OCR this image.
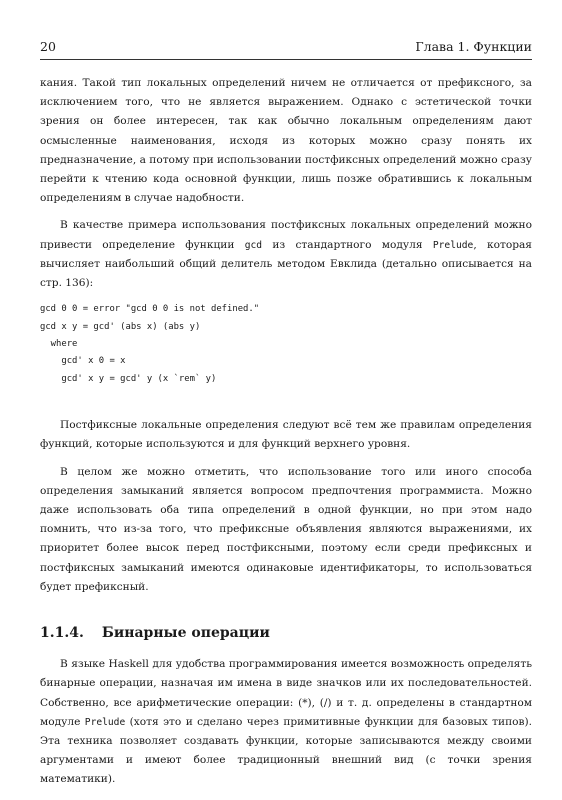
20	Глава 1. Функции

кания. Такой тип локальных определений ничем не отличается от префиксного, за исключением того, что не является выражением. Однако с эстетической точки зрения он более интересен, так как обычно локальным определениям дают осмысленные наименования, исходя из которых можно сразу понять их предназначение, а потому при использовании постфиксных определений можно сразу перейти к чтению кода основной функции, лишь позже обратившись к локальным определениям в случае надобности.

В качестве примера использования постфиксных локальных определений можно привести определение функции gcd из стандартного модуля Prelude, которая вычисляет наибольший общий делитель методом Евклида (детально описывается на стр. 136):

gcd 0 0 = error "gcd 0 0 is not defined."
gcd x y = gcd' (abs x) (abs y)
where
gcd' x 0 = x
gcd' x y = gcd' y (x `rem` y)

Постфиксные локальные определения следуют всё тем же правилам определения функций, которые используются и для функций верхнего уровня.

В целом же можно отметить, что использование того или иного способа определения замыканий является вопросом предпочтения программиста. Можно даже использовать оба типа определений в одной функции, но при этом надо помнить, что из-за того, что префиксные объявления являются выражениями, их приоритет более высок перед постфиксными, поэтому если среди префиксных и постфиксных замыканий имеются одинаковые идентификаторы, то использоваться будет префиксный.

1.1.4. Бинарные операции

В языке Haskell для удобства программирования имеется возможность определять бинарные операции, назначая им имена в виде значков или их последовательностей. Собственно, все арифметические операции: (*), (/) и т. д. определены в стандартном модуле Prelude (хотя это и сделано через примитивные функции для базовых типов). Эта техника позволяет создавать функции, которые записываются между своими аргументами и имеют более традиционный внешний вид (с точки зрения математики).
